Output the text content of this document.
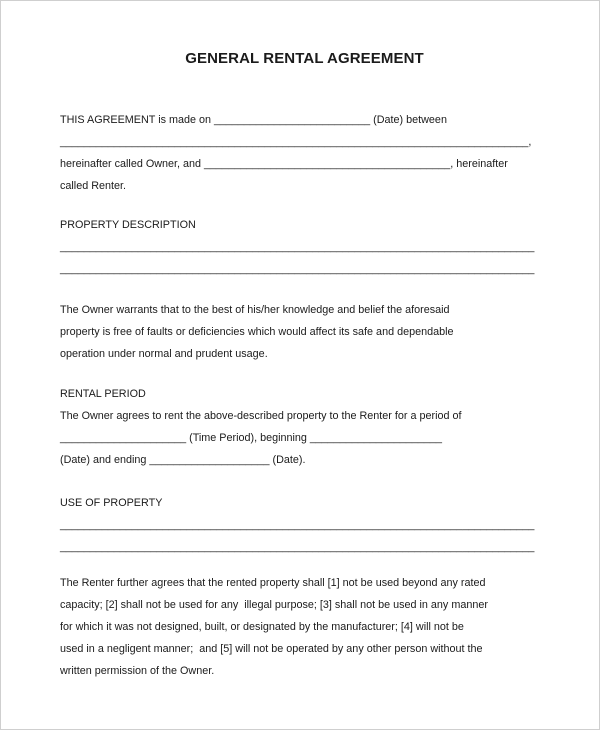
GENERAL RENTAL AGREEMENT
THIS AGREEMENT is made on __________________________ (Date) between
______________________________________________________________________________,
hereinafter called Owner, and _________________________________________, hereinafter
called Renter.
PROPERTY DESCRIPTION
_______________________________________________________________________________
_______________________________________________________________________________
The Owner warrants that to the best of his/her knowledge and belief the aforesaid
property is free of faults or deficiencies which would affect its safe and dependable
operation under normal and prudent usage.
RENTAL PERIOD
The Owner agrees to rent the above-described property to the Renter for a period of
_____________________ (Time Period), beginning ______________________
(Date) and ending ____________________ (Date).
USE OF PROPERTY
_______________________________________________________________________________
_______________________________________________________________________________
The Renter further agrees that the rented property shall [1] not be used beyond any rated
capacity; [2] shall not be used for any  illegal purpose; [3] shall not be used in any manner
for which it was not designed, built, or designated by the manufacturer; [4] will not be
used in a negligent manner;  and [5] will not be operated by any other person without the
written permission of the Owner.
